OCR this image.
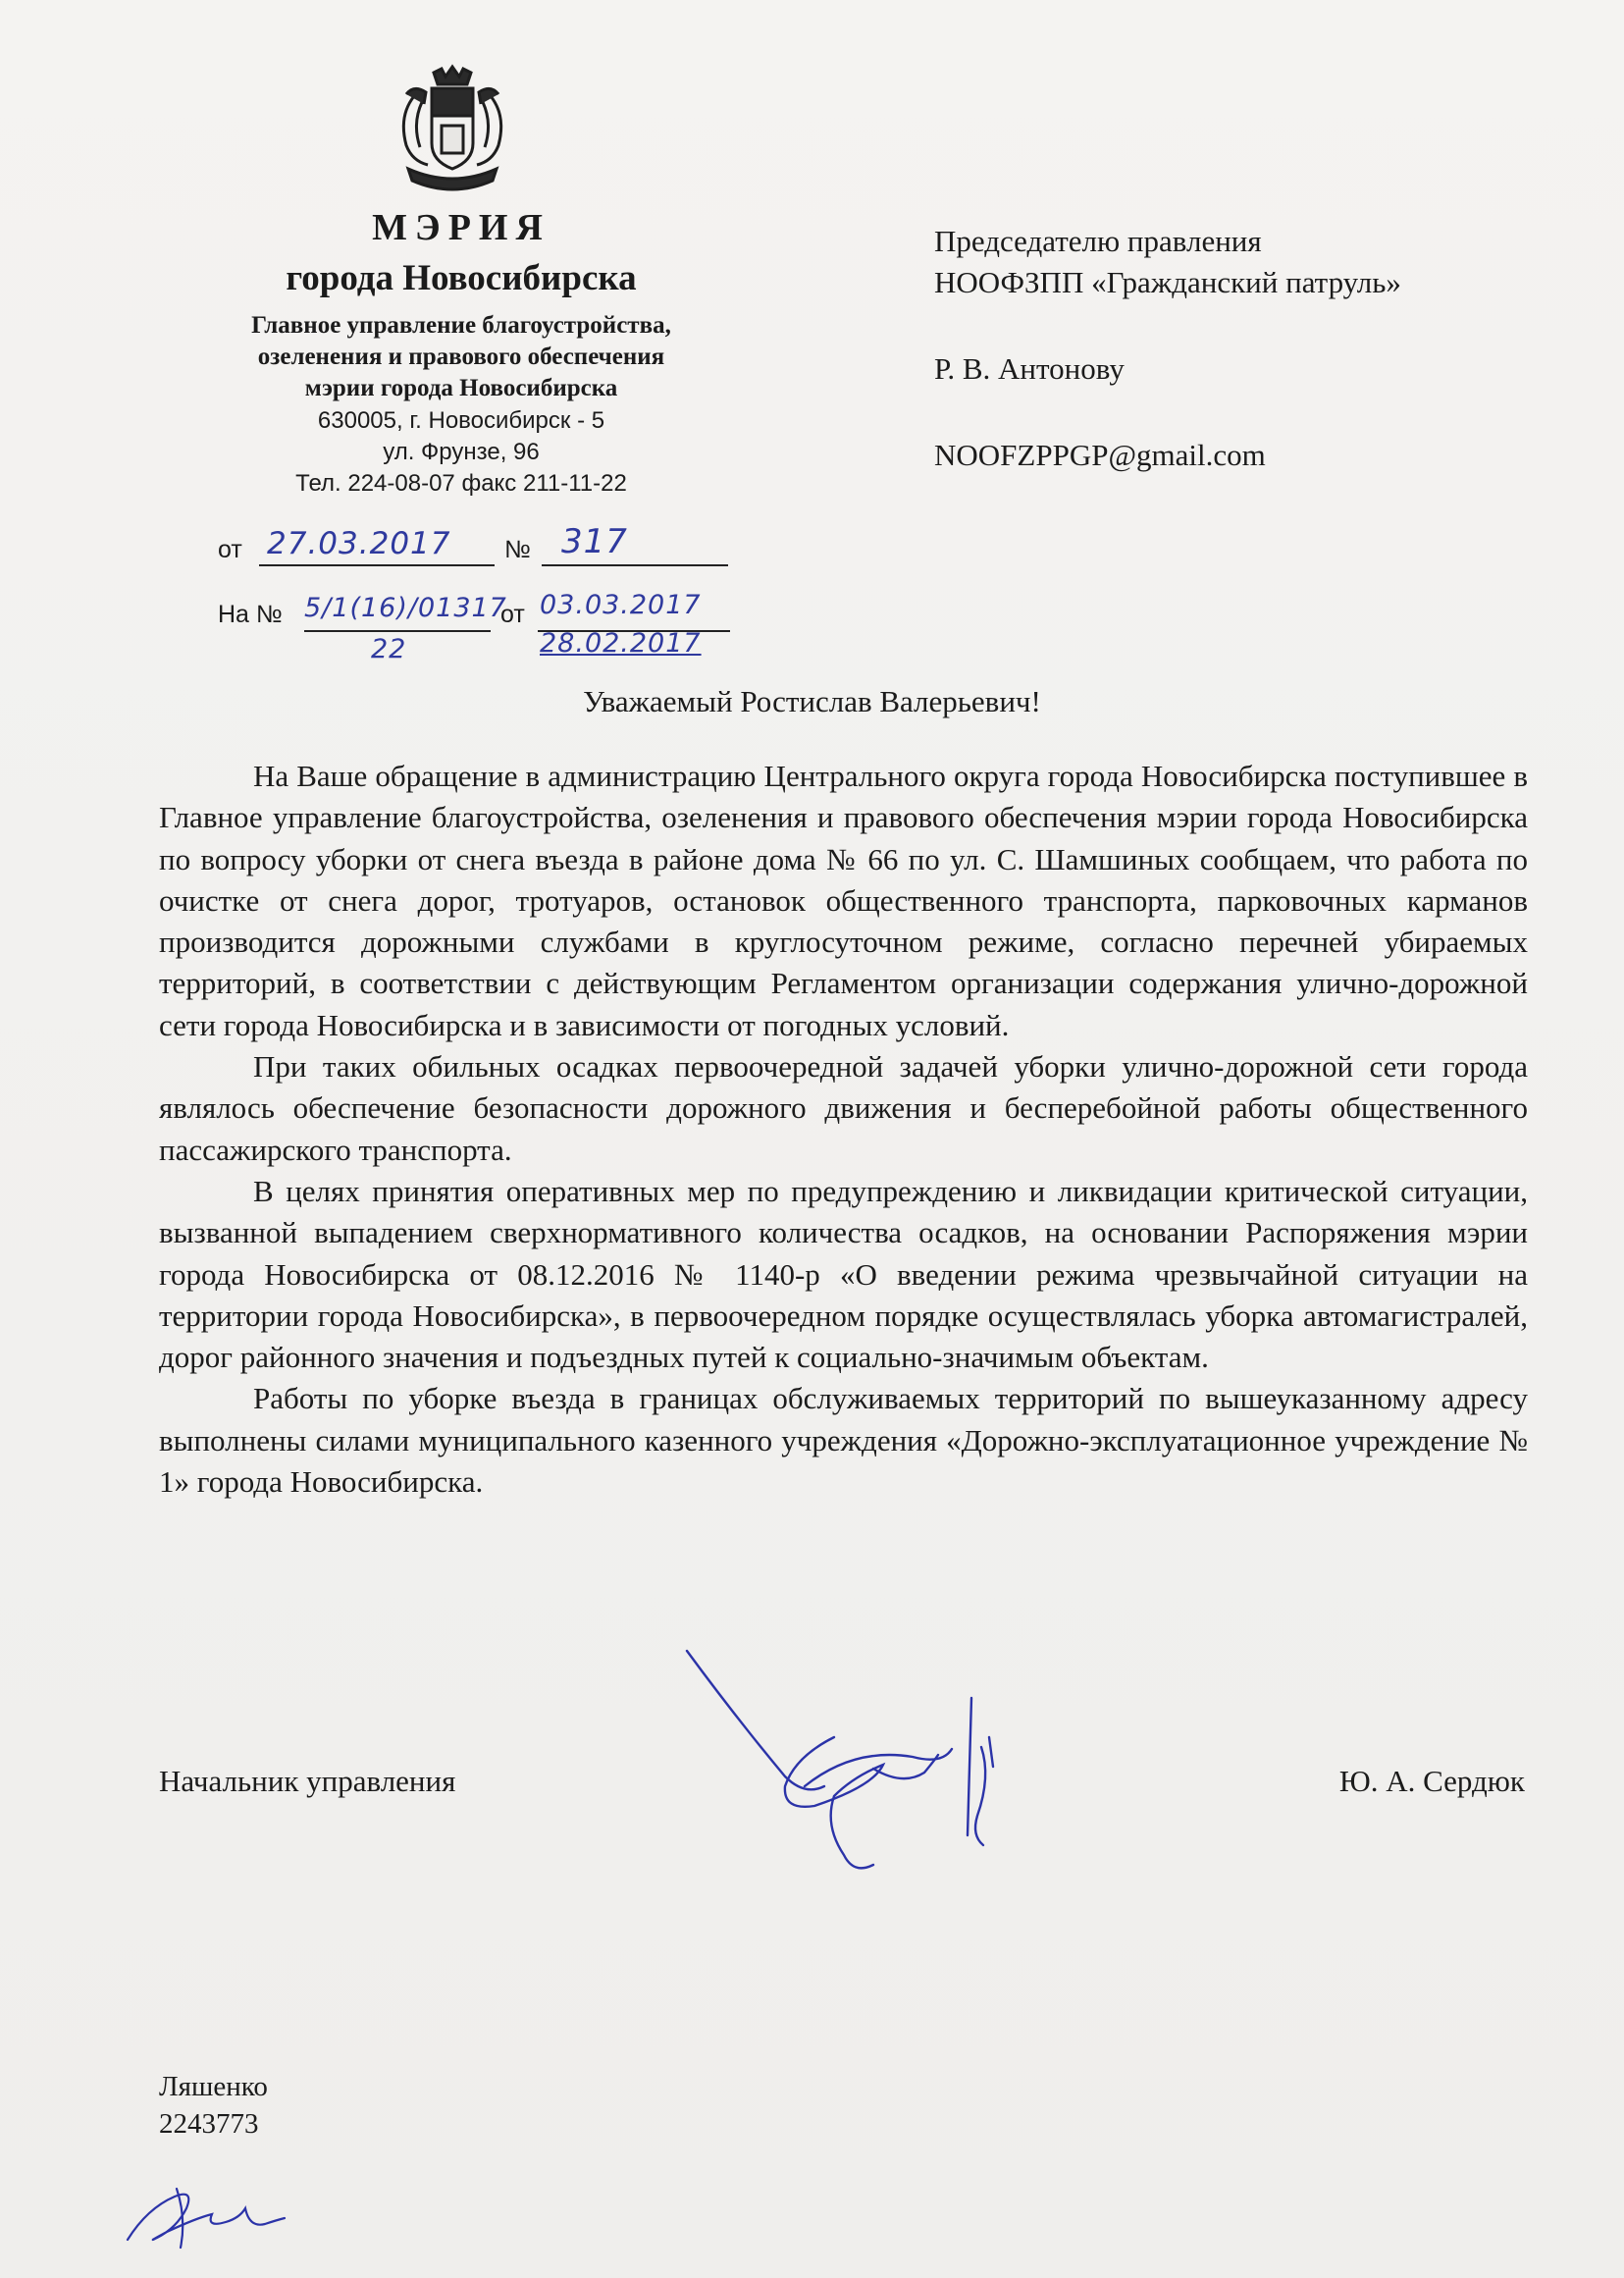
МЭРИЯ

города Новосибирска

Главное управление благоустройства,

озеленения и правового обеспечения

мэрии города Новосибирска

630005, г. Новосибирск - 5

ул. Фрунзе, 96

Тел. 224-08-07 факс 211-11-22

от 27.03.2017 № 317
На № 5/1(16)/01317
22
от 03.03.2017
28.02.2017

Председателю правления

НООФЗПП «Гражданский патруль»

Р. В. Антонову

NOOFZPPGP@gmail.com

Уважаемый Ростислав Валерьевич!

На Ваше обращение в администрацию Центрального округа города Новосибирска поступившее в Главное управление благоустройства, озеленения и правового обеспечения мэрии города Новосибирска по вопросу уборки от снега въезда в районе дома № 66 по ул. С. Шамшиных сообщаем, что работа по очистке от снега дорог, тротуаров, остановок общественного транспорта, парковочных карманов производится дорожными службами в круглосуточном режиме, согласно перечней убираемых территорий, в соответствии с действующим Регламентом организации содержания улично-дорожной сети города Новосибирска и в зависимости от погодных условий.

При таких обильных осадках первоочередной задачей уборки улично-дорожной сети города являлось обеспечение безопасности дорожного движения и бесперебойной работы общественного пассажирского транспорта.

В целях принятия оперативных мер по предупреждению и ликвидации критической ситуации, вызванной выпадением сверхнормативного количества осадков, на основании Распоряжения мэрии города Новосибирска от 08.12.2016 № 1140-р «О введении режима чрезвычайной ситуации на территории города Новосибирска», в первоочередном порядке осуществлялась уборка автомагистралей, дорог районного значения и подъездных путей к социально-значимым объектам.

Работы по уборке въезда в границах обслуживаемых территорий по вышеуказанному адресу выполнены силами муниципального казенного учреждения «Дорожно-эксплуатационное учреждение № 1» города Новосибирска.

Начальник управления	Ю. А. Сердюк
Ляшенко
2243773
